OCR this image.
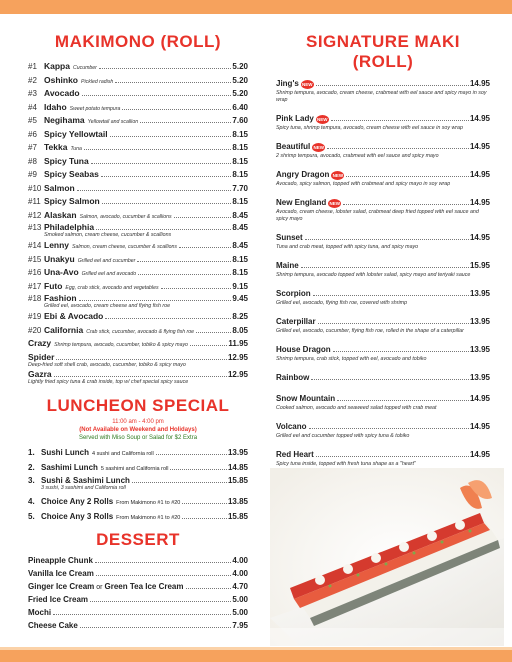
MAKIMONO (ROLL)
#1 Kappa Cucumber	5.20
#2 Oshinko Pickled radish	5.20
#3 Avocado	5.20
#4 Idaho Sweet potato tempura	6.40
#5 Negihama Yellowtail and scallion	7.60
#6 Spicy Yellowtail	8.15
#7 Tekka Tuna	8.15
#8 Spicy Tuna	8.15
#9 Spicy Seabas	8.15
#10 Salmon	7.70
#11 Spicy Salmon	8.15
#12 Alaskan Salmon, avocado, cucumber & scallions	8.45
#13 Philadelphia	8.45
Smoked salmon, cream cheese, cucumber & scallions
#14 Lenny Salmon, cream cheese, cucumber & scallions	8.45
#15 Unakyu Grilled eel and cucumber	8.15
#16 Una-Avo Grilled eel and avocado	8.15
#17 Futo Egg, crab stick, avocado and vegetables	9.15
#18 Fashion	9.45
Grilled eel, avocado, cream cheese and flying fish roe
#19 Ebi & Avocado	8.25
#20 California Crab stick, cucumber, avocado & flying fish roe	8.05
Crazy Shrimp tempura, avocado, cucumber, tobiko & spicy mayo	11.95
Spider	12.95
Deep-fried soft shell crab, avocado, cucumber, tobiko & spicy mayo
Gazra	12.95
Lightly fried spicy tuna & crab inside, top w/ chef special spicy sauce
LUNCHEON SPECIAL
11:00 am - 4:00 pm
(Not Available on Weekend and Holidays)
Served with Miso Soup or Salad for $2 Extra
1. Sushi Lunch 4 sushi and California roll	13.95
2. Sashimi Lunch 5 sashimi and California roll	14.85
3. Sushi & Sashimi Lunch	15.85
3 sushi, 3 sashimi and California roll
4. Choice Any 2 Rolls From Makimono #1 to #20	13.85
5. Choice Any 3 Rolls From Makimono #1 to #20	15.85
DESSERT
Pineapple Chunk	4.00
Vanilla Ice Cream	4.00
Ginger Ice Cream or Green Tea Ice Cream	4.70
Fried Ice Cream	5.00
Mochi	5.00
Cheese Cake	7.95
SIGNATURE MAKI (ROLL)
Jing's NEW	14.95
Shrimp tempura, avocado, cream cheese, crabmeat with eel sauce and spicy mayo in soy wrap
Pink Lady NEW	14.95
Spicy tuna, shrimp tempura, avocado, cream cheese with eel sauce in soy wrap
Beautiful NEW	14.95
2 shrimp tempura, avocado, crabmeat with eel sauce and spicy mayo
Angry Dragon NEW	14.95
Avocado, spicy salmon, topped with crabmeat and spicy mayo in soy wrap
New England NEW	14.95
Avocado, cream cheese, lobster salad, crabmeat deep fried topped with eel sauce and spicy mayo
Sunset	14.95
Tuna and crab meat, topped with spicy tuna, and spicy mayo
Maine	15.95
Shrimp tempura, avocado topped with lobster salad, spicy mayo and teriyaki sauce
Scorpion	13.95
Grilled eel, avocado, flying fish roe, covered with shrimp
Caterpillar	13.95
Grilled eel, avocado, cucumber, flying fish roe, rolled in the shape of a caterpillar
House Dragon	13.95
Shrimp tempura, crab stick, topped with eel, avocado and tobiko
Rainbow	13.95
Snow Mountain	14.95
Cooked salmon, avocado and seaweed salad topped with crab meat
Volcano	14.95
Grilled eel and cucumber topped with spicy tuna & tobiko
Red Heart	14.95
Spicy tuna inside, topped with fresh tuna shape as a "heart"
